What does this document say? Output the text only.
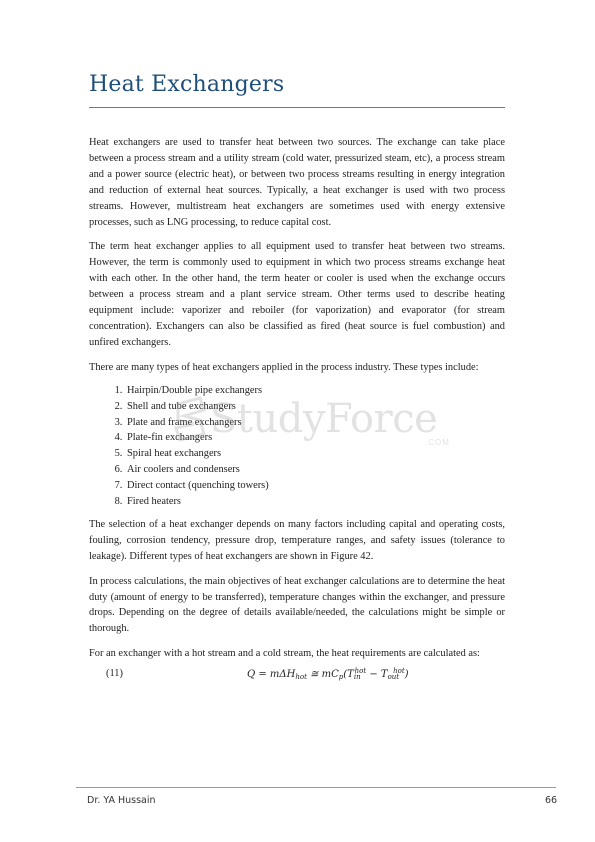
Heat Exchangers

Heat exchangers are used to transfer heat between two sources. The exchange can take place between a process stream and a utility stream (cold water, pressurized steam, etc), a process stream and a power source (electric heat), or between two process streams resulting in energy integration and reduction of external heat sources. Typically, a heat exchanger is used with two process streams. However, multistream heat exchangers are sometimes used with energy extensive processes, such as LNG processing, to reduce capital cost.

The term heat exchanger applies to all equipment used to transfer heat between two streams. However, the term is commonly used to equipment in which two process streams exchange heat with each other. In the other hand, the term heater or cooler is used when the exchange occurs between a process stream and a plant service stream. Other terms used to describe heating equipment include: vaporizer and reboiler (for vaporization) and evaporator (for stream concentration). Exchangers can also be classified as fired (heat source is fuel combustion) and unfired exchangers.

There are many types of heat exchangers applied in the process industry. These types include:

1. Hairpin/Double pipe exchangers
2. Shell and tube exchangers
3. Plate and frame exchangers
4. Plate-fin exchangers
5. Spiral heat exchangers
6. Air coolers and condensers
7. Direct contact (quenching towers)
8. Fired heaters

The selection of a heat exchanger depends on many factors including capital and operating costs, fouling, corrosion tendency, pressure drop, temperature ranges, and safety issues (tolerance to leakage). Different types of heat exchangers are shown in Figure 42.

In process calculations, the main objectives of heat exchanger calculations are to determine the heat duty (amount of energy to be transferred), temperature changes within the exchanger, and pressure drops. Depending on the degree of details available/needed, the calculations might be simple or thorough.

For an exchanger with a hot stream and a cold stream, the heat requirements are calculated as:

(11)	Q = mΔH$_{hot}$ ≅ $mC_p(T_{in}^{hot} - T_{out}^{hot})$
StudyForce
.COM
Dr. YA Hussain	66
